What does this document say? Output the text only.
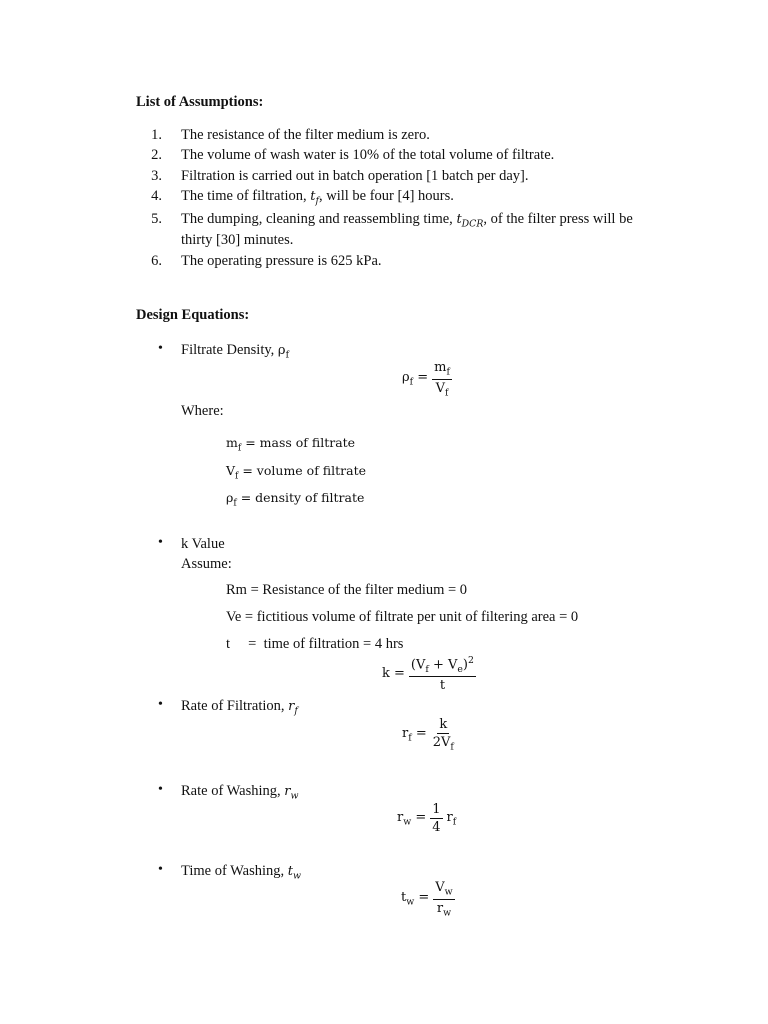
List of Assumptions:
1. The resistance of the filter medium is zero.
2. The volume of wash water is 10% of the total volume of filtrate.
3. Filtration is carried out in batch operation [1 batch per day].
4. The time of filtration, $t_f$, will be four [4] hours.
5. The dumping, cleaning and reassembling time, $t_{DCR}$, of the filter press will be
thirty [30] minutes.
6. The operating pressure is 625 kPa.
Design Equations:
• Filtrate Density, $\rho_f$
$\rho_f = \frac{m_f}{V_f}$
Where:
$m_f$ = mass of filtrate
$V_f$ = volume of filtrate
$\rho_f$ = density of filtrate
• k Value
Assume:
Rm = Resistance of the filter medium = 0
Ve = fictitious volume of filtrate per unit of filtering area = 0
t     =  time of filtration = 4 hrs
$k = \frac{(V_f + V_e)^2}{t}$
• Rate of Filtration, $r_f$
$r_f = \frac{k}{2V_f}$
• Rate of Washing, $r_w$
$r_w = \frac{1}{4} r_f$
• Time of Washing, $t_w$
$t_w = \frac{V_w}{r_w}$
